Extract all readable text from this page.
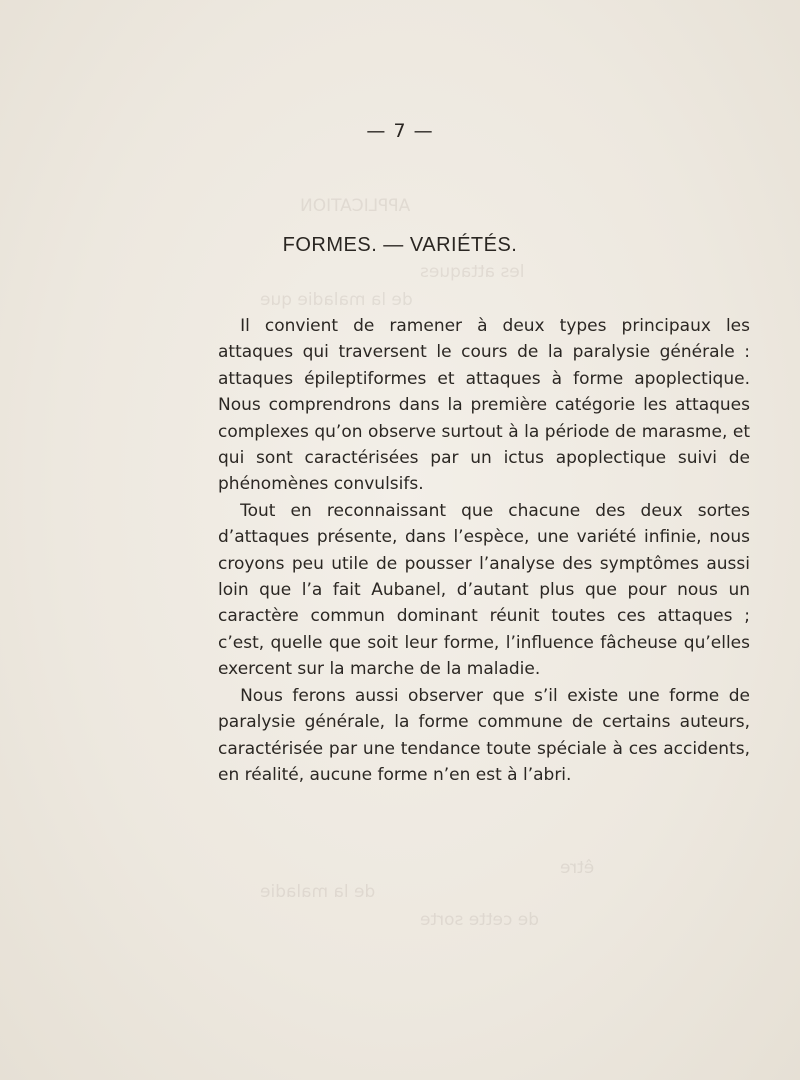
APPLICATION
les attaques
de la maladie que
être
de la maladie
de cette sorte
— 7 —
FORMES. — VARIÉTÉS.

Il convient de ramener à deux types principaux les attaques qui traversent le cours de la paralysie générale : attaques épileptiformes et attaques à forme apoplectique. Nous comprendrons dans la première catégorie les attaques complexes qu’on observe surtout à la période de marasme, et qui sont caractérisées par un ictus apoplectique suivi de phénomènes convulsifs.

Tout en reconnaissant que chacune des deux sortes d’attaques présente, dans l’espèce, une variété infinie, nous croyons peu utile de pousser l’analyse des symptômes aussi loin que l’a fait Aubanel, d’autant plus que pour nous un caractère commun dominant réunit toutes ces attaques ; c’est, quelle que soit leur forme, l’influence fâcheuse qu’elles exercent sur la marche de la maladie.

Nous ferons aussi observer que s’il existe une forme de paralysie générale, la forme commune de certains auteurs, caractérisée par une tendance toute spéciale à ces accidents, en réalité, aucune forme n’en est à l’abri.
